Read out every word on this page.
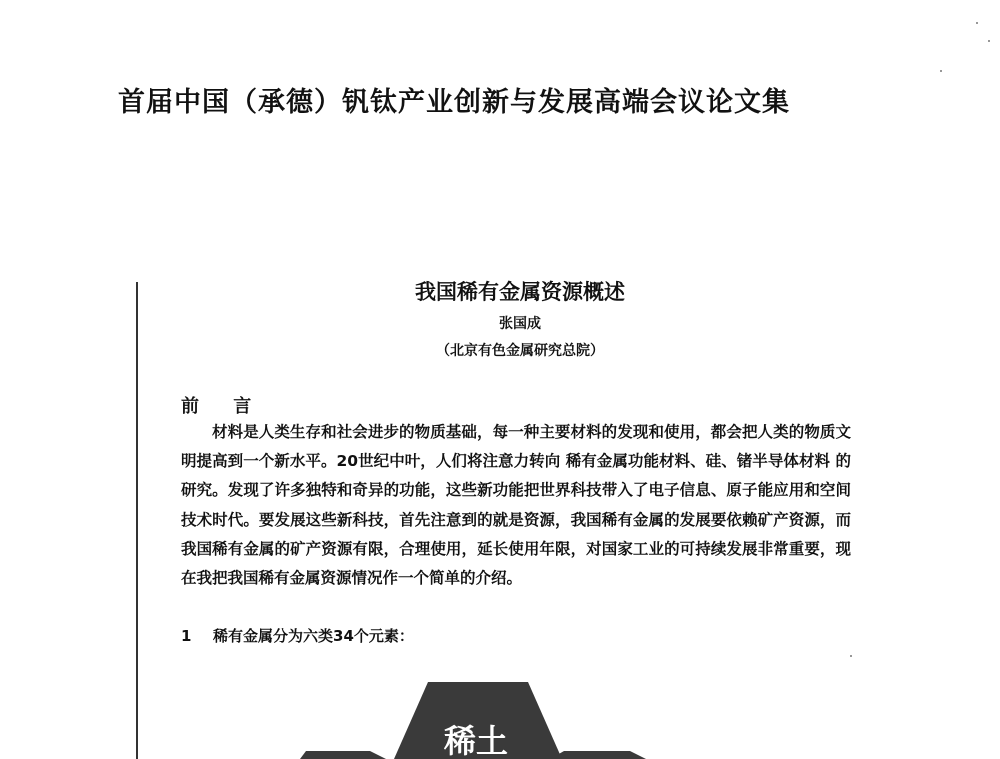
首届中国（承德）钒钛产业创新与发展高端会议论文集
我国稀有金属资源概述
张国成
（北京有色金属研究总院）
前 言
材料是人类生存和社会进步的物质基础，每一种主要材料的发现和使用，都会把人类的物质文明提高到一个新水平。20世纪中叶，人们将注意力转向 稀有金属功能材料、硅、锗半导体材料 的研究。发现了许多独特和奇异的功能，这些新功能把世界科技带入了电子信息、原子能应用和空间技术时代。要发展这些新科技，首先注意到的就是资源，我国稀有金属的发展要依赖矿产资源，而我国稀有金属的矿产资源有限，合理使用，延长使用年限，对国家工业的可持续发展非常重要，现在我把我国稀有金属资源情况作一个简单的介绍。
1 稀有金属分为六类34个元素：
稀土
